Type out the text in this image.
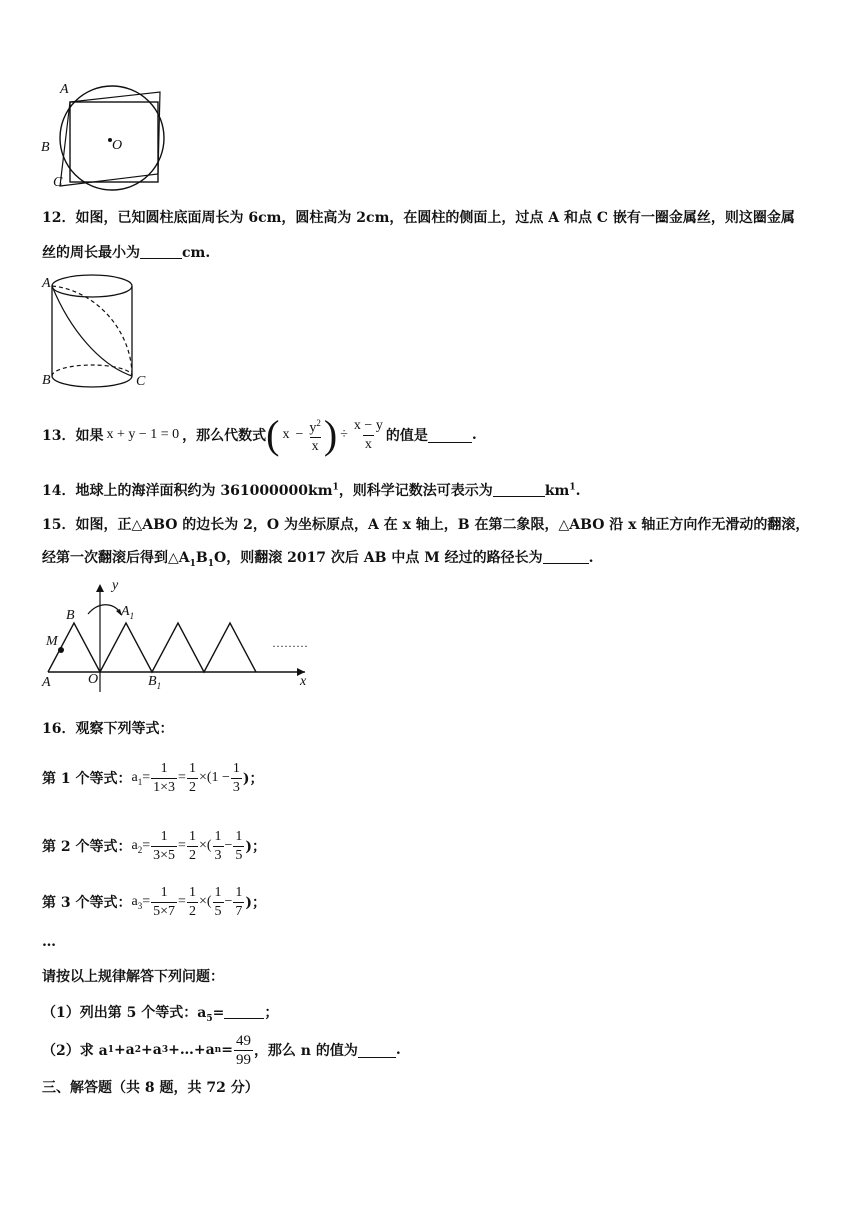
A
B
C
O
12．如图，已知圆柱底面周长为 6cm，圆柱高为 2cm，在圆柱的侧面上，过点 A 和点 C 嵌有一圈金属丝，则这圈金属
丝的周长最小为	cm.
A
B	C
13．如果 x + y − 1 = 0 ，那么代数式 ( $x - \frac{y^2}{x}$ ) ÷ $\frac{x - y}{x}$ 的值是	.
14．地球上的海洋面积约为 $361000000km^1$，则科学记数法可表示为	$km^1$.
15．如图，正△ABO 的边长为 2，O 为坐标原点，A 在 x 轴上，B 在第二象限，△ABO 沿 x 轴正方向作无滑动的翻滚，
经第一次翻滚后得到$\triangle A_1B_1O$，则翻滚 2017 次后 AB 中点 M 经过的路径长为	.
y
B	$A_1$
M
A	O	$B_1$	x
………
16．观察下列等式：
第 1 个等式： $a_1= \frac{1}{1\times 3} = \frac{1}{2} \times(1 - \frac{1}{3}$ )；
第 2 个等式： $a_2= \frac{1}{3\times 5} = \frac{1}{2}$ ×( $\frac{1}{3} - \frac{1}{5}$ )；
第 3 个等式： $a_3= \frac{1}{5\times 7} = \frac{1}{2}$ ×( $\frac{1}{5} - \frac{1}{7}$ )；
…
请按以上规律解答下列问题：
（1）列出第 5 个等式：$a_5=$	；
（2）求 a 1 +a 2 +a 3 +…+a $n = \frac{49}{99}$ ，那么 n 的值为	.
三、解答题（共 8 题，共 72 分）
